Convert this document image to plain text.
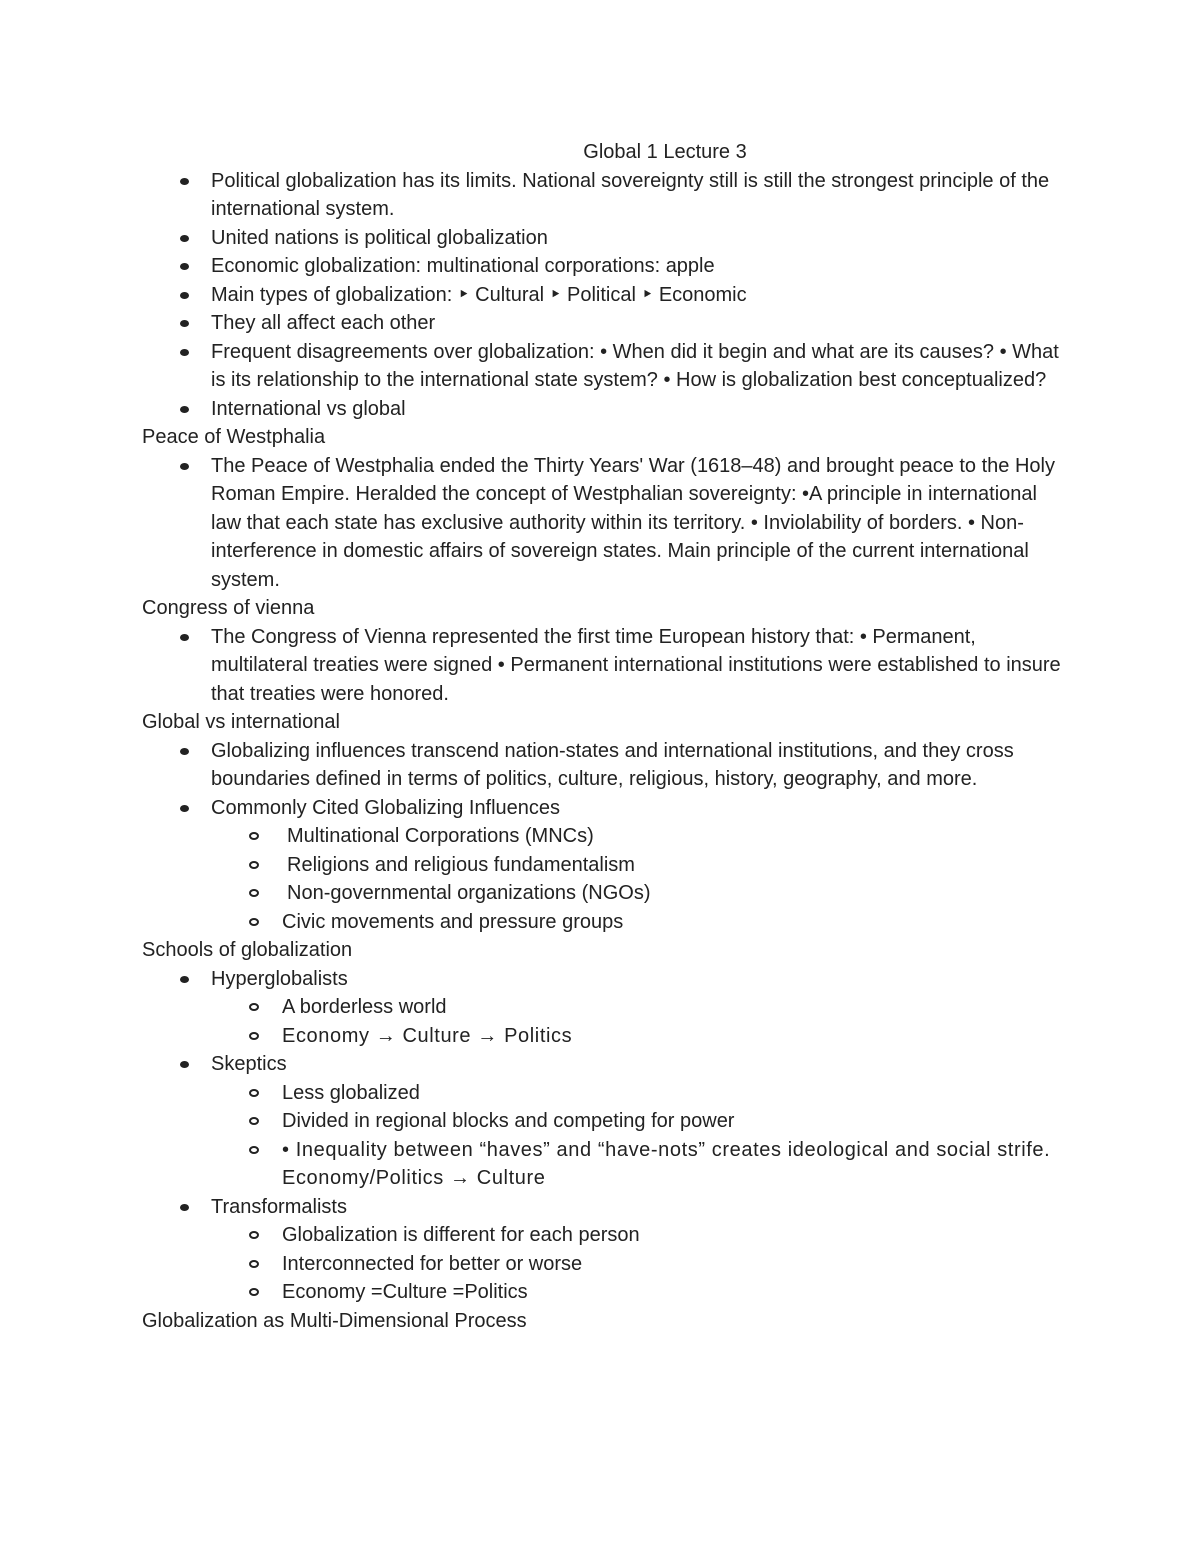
Global 1 Lecture 3
Political globalization has its limits. National sovereignty still is still the strongest principle of the international system.
United nations is political globalization
Economic globalization: multinational corporations: apple
Main types of globalization: ‣ Cultural ‣ Political ‣ Economic
They all affect each other
Frequent disagreements over globalization: • When did it begin and what are its causes? • What is its relationship to the international state system? • How is globalization best conceptualized?
International vs global
Peace of Westphalia
The Peace of Westphalia ended the Thirty Years' War (1618–48) and brought peace to the Holy Roman Empire. Heralded the concept of Westphalian sovereignty: •A principle in international law that each state has exclusive authority within its territory. • Inviolability of borders. • Non-interference in domestic affairs of sovereign states. Main principle of the current international system.
Congress of vienna
The Congress of Vienna represented the first time European history that: • Permanent, multilateral treaties were signed • Permanent international institutions were established to insure that treaties were honored.
Global vs international
Globalizing influences transcend nation-states and international institutions, and they cross boundaries defined in terms of politics, culture, religious, history, geography, and more.
Commonly Cited Globalizing Influences
Multinational Corporations (MNCs)
Religions and religious fundamentalism
Non-governmental organizations (NGOs)
Civic movements and pressure groups
Schools of globalization
Hyperglobalists
A borderless world
Economy → Culture → Politics
Skeptics
Less globalized
Divided in regional blocks and competing for power
• Inequality between “haves” and “have-nots” creates ideological and social strife. Economy/Politics → Culture
Transformalists
Globalization is different for each person
Interconnected for better or worse
Economy =Culture =Politics
Globalization as Multi-Dimensional Process
